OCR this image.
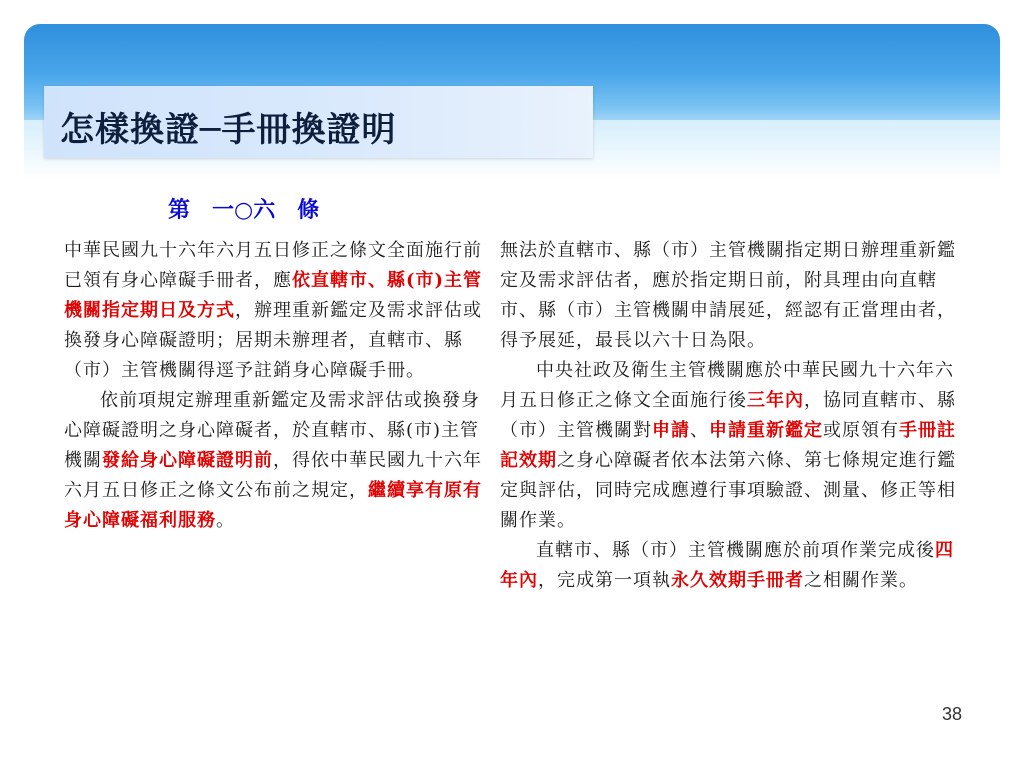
怎樣換證─手冊換證明
第　一○六　條

中華民國九十六年六月五日修正之條文全面施行前已領有身心障礙手冊者，應依直轄市、縣(市)主管機關指定期日及方式，辦理重新鑑定及需求評估或換發身心障礙證明；居期未辦理者，直轄市、縣（市）主管機關得逕予註銷身心障礙手冊。

依前項規定辦理重新鑑定及需求評估或換發身心障礙證明之身心障礙者，於直轄市、縣(市)主管機關發給身心障礙證明前，得依中華民國九十六年六月五日修正之條文公布前之規定，繼續享有原有身心障礙福利服務。

無法於直轄市、縣（市）主管機關指定期日辦理重新鑑定及需求評估者，應於指定期日前，附具理由向直轄市、縣（市）主管機關申請展延，經認有正當理由者，得予展延，最長以六十日為限。

中央社政及衛生主管機關應於中華民國九十六年六月五日修正之條文全面施行後三年內，協同直轄市、縣（市）主管機關對申請、申請重新鑑定或原領有手冊註記效期之身心障礙者依本法第六條、第七條規定進行鑑定與評估，同時完成應遵行事項驗證、測量、修正等相關作業。

直轄市、縣（市）主管機關應於前項作業完成後四年內，完成第一項執永久效期手冊者之相關作業。

38
